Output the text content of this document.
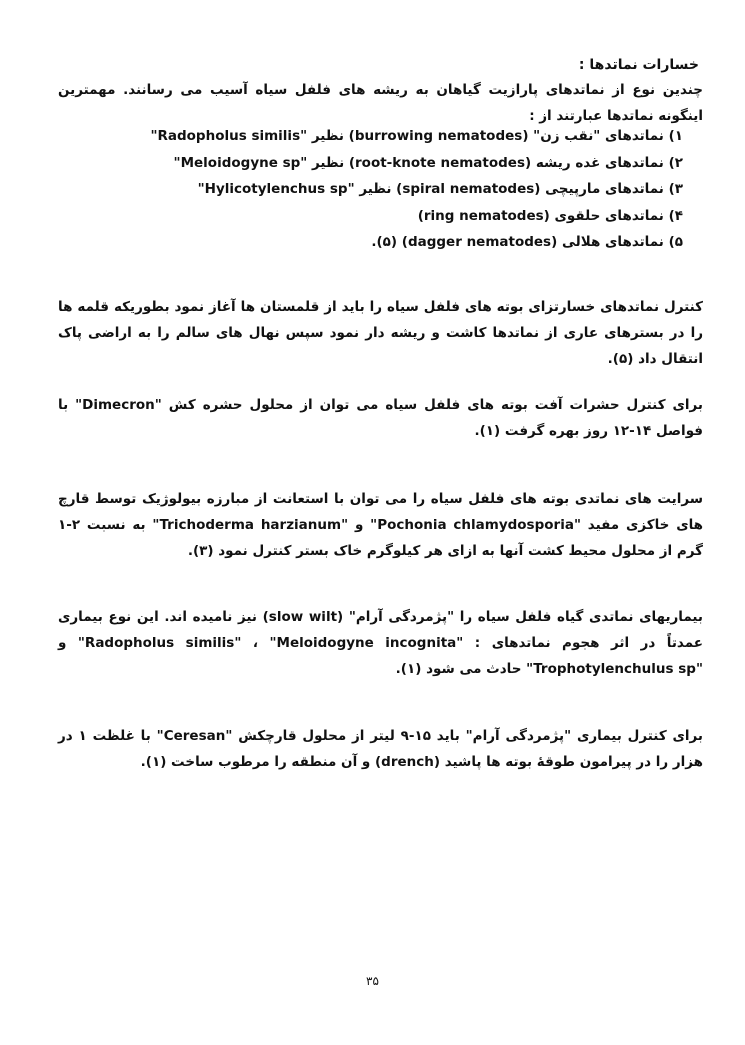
خسارات نماتدها :
چندین نوع از نماتدهای پارازیت گیاهان به ریشه های فلفل سیاه آسیب می رسانند. مهمترین اینگونه نماتدها عبارتند از :
۱) نماتدهای "نقب زن" (burrowing nematodes) نظیر "Radopholus similis"
۲) نماتدهای غده ریشه (root-knote nematodes) نظیر "Meloidogyne sp"
۳) نماتدهای مارپیچی (spiral nematodes) نظیر "Hylicotylenchus sp"
۴) نماتدهای حلقوی (ring nematodes)
۵) نماتدهای هلالی (dagger nematodes) (۵).
کنترل نماتدهای خسارتزای بوته های فلفل سیاه را باید از قلمستان ها آغاز نمود بطوریکه قلمه ها را در بسترهای عاری از نماتدها کاشت و ریشه دار نمود سپس نهال های سالم را به اراضی پاک انتقال داد (۵).
برای کنترل حشرات آفت بوته های فلفل سیاه می توان از محلول حشره کش "Dimecron" با فواصل ۱۴-۱۲ روز بهره گرفت (۱).
سرایت های نماتدی بوته های فلفل سیاه را می توان با استعانت از مبارزه بیولوژیک توسط قارچ های خاکزی مفید "Pochonia chlamydosporia" و "Trichoderma harzianum" به نسبت ۲-۱ گرم از محلول محیط کشت آنها به ازای هر کیلوگرم خاک بستر کنترل نمود (۳).
بیماریهای نماتدی گیاه فلفل سیاه را "پژمردگی آرام" (slow wilt) نیز نامیده اند. این نوع بیماری عمدتاً در اثر هجوم نماتدهای : "Radopholus similis" ، "Meloidogyne incognita" و "Trophotylenchulus sp" حادث می شود (۱).
برای کنترل بیماری "پژمردگی آرام" باید ۱۵-۹ لیتر از محلول قارچکش "Ceresan" با غلظت ۱ در هزار را در پیرامون طوقهٔ بوته ها پاشید (drench) و آن منطقه را مرطوب ساخت (۱).
۳۵
